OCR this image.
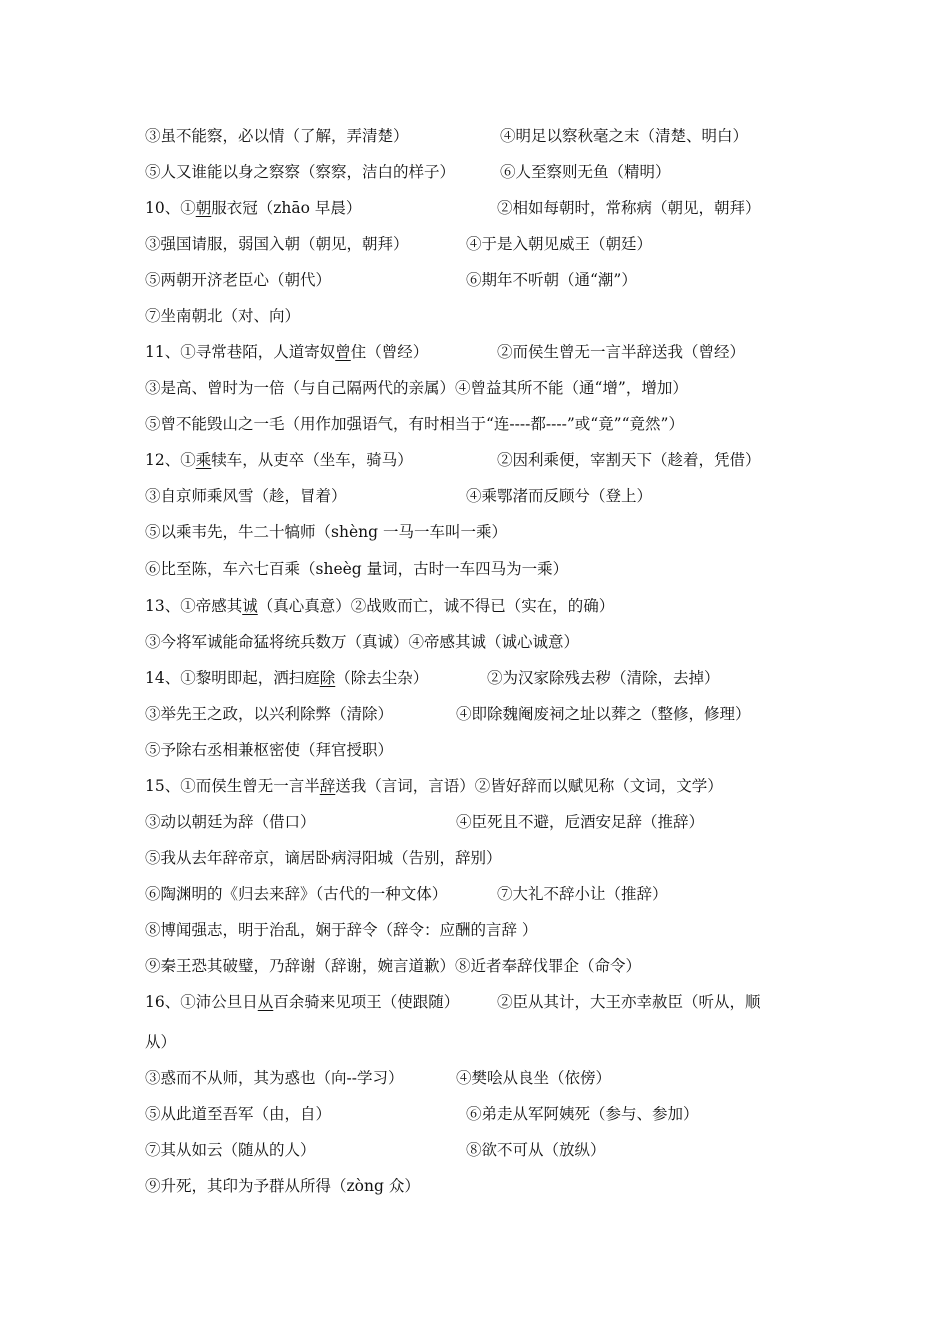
③虽不能察，必以情（了解，弄清楚）	④明足以察秋毫之末（清楚、明白）
⑤人又谁能以身之察察（察察，洁白的样子）	⑥人至察则无鱼（精明）
10、①朝服衣冠（zhāo 早晨）	②相如每朝时，常称病（朝见，朝拜）
③强国请服，弱国入朝（朝见，朝拜）	④于是入朝见威王（朝廷）
⑤两朝开济老臣心（朝代）	⑥期年不听朝（通“潮”）
⑦坐南朝北（对、向）
11、①寻常巷陌，人道寄奴曾住（曾经）	②而侯生曾无一言半辞送我（曾经）
③是高、曾时为一倍（与自己隔两代的亲属）④曾益其所不能（通“增”，增加）
⑤曾不能毁山之一毛（用作加强语气，有时相当于“连----都----”或“竟”“竟然”）
12、①乘犊车，从吏卒（坐车，骑马）	②因利乘便，宰割天下（趁着，凭借）
③自京师乘风雪（趁，冒着）	④乘鄂渚而反顾兮（登上）
⑤以乘韦先，牛二十犒师（shèng 一马一车叫一乘）
⑥比至陈，车六七百乘（sheèg 量词，古时一车四马为一乘）
13、①帝感其诚（真心真意）②战败而亡，诚不得已（实在，的确）
③今将军诚能命猛将统兵数万（真诚）④帝感其诚（诚心诚意）
14、①黎明即起，洒扫庭除（除去尘杂）	②为汉家除残去秽（清除，去掉）
③举先王之政，以兴利除弊（清除）	④即除魏阉废祠之址以葬之（整修，修理）
⑤予除右丞相兼枢密使（拜官授职）
15、①而侯生曾无一言半辞送我（言词，言语）②皆好辞而以赋见称（文词，文学）
③动以朝廷为辞（借口）	④臣死且不避，卮酒安足辞（推辞）
⑤我从去年辞帝京，谪居卧病浔阳城（告别，辞别）
⑥陶渊明的《归去来辞》（古代的一种文体）	⑦大礼不辞小让（推辞）
⑧博闻强志，明于治乱，娴于辞令（辞令：应酬的言辞 ）
⑨秦王恐其破璧，乃辞谢（辞谢，婉言道歉）⑧近者奉辞伐罪企（命令）
16、①沛公旦日从百余骑来见项王（使跟随） ②臣从其计，大王亦幸赦臣（听从，顺
从）
③惑而不从师，其为惑也（向--学习）	④樊哙从良坐（依傍）
⑤从此道至吾军（由，自）	⑥弟走从军阿姨死（参与、参加）
⑦其从如云（随从的人）	⑧欲不可从（放纵）
⑨升死，其印为予群从所得（zòng 众）
